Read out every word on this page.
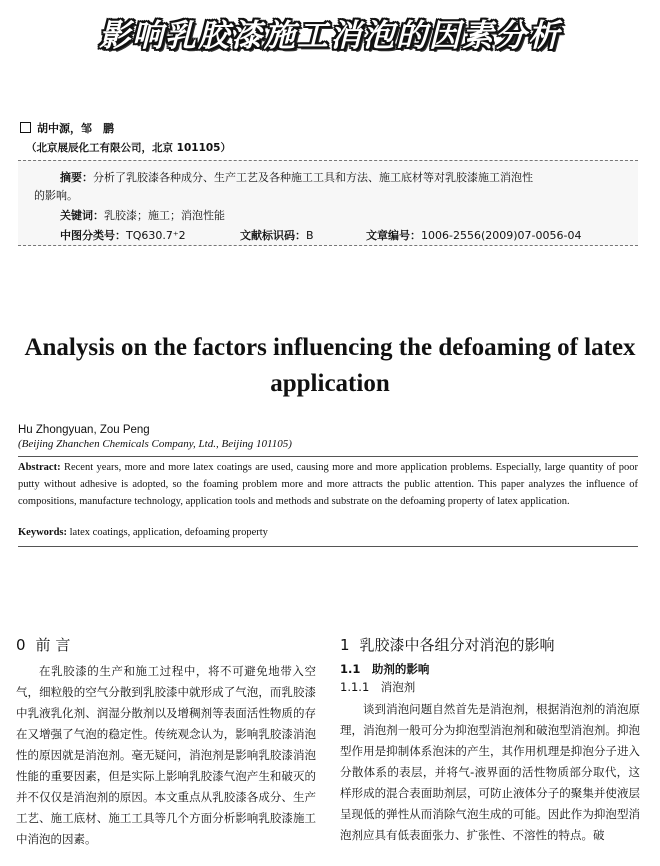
影响乳胶漆施工消泡的因素分析
胡中源，邹　鹏
（北京展辰化工有限公司，北京 101105）
摘要：分析了乳胶漆各种成分、生产工艺及各种施工工具和方法、施工底材等对乳胶漆施工消泡性
的影响。
关键词：乳胶漆；施工；消泡性能
中图分类号：TQ630.7⁺2	文献标识码：B	文章编号：1006-2556(2009)07-0056-04
Analysis on the factors influencing the defoaming of latex
application
Hu Zhongyuan, Zou Peng
(Beijing Zhanchen Chemicals Company, Ltd., Beijing 101105)
Abstract: Recent years, more and more latex coatings are used, causing more and more application problems. Especially, large quantity of poor putty without adhesive is adopted, so the foaming problem more and more attracts the public attention. This paper analyzes the influence of compositions, manufacture technology, application tools and methods and substrate on the defoaming property of latex application.
Keywords: latex coatings, application, defoaming property
0 前 言

在乳胶漆的生产和施工过程中，将不可避免地带入空气，细粒般的空气分散到乳胶漆中就形成了气泡，而乳胶漆中乳液乳化剂、润湿分散剂以及增稠剂等表面活性物质的存在又增强了气泡的稳定性。传统观念认为，影响乳胶漆消泡性的原因就是消泡剂。毫无疑问，消泡剂是影响乳胶漆消泡性能的重要因素，但是实际上影响乳胶漆气泡产生和破灭的并不仅仅是消泡剂的原因。本文重点从乳胶漆各成分、生产工艺、施工底材、施工工具等几个方面分析影响乳胶漆施工中消泡的因素。

1 乳胶漆中各组分对消泡的影响
1.1　助剂的影响
1.1.1　消泡剂

谈到消泡问题自然首先是消泡剂，根据消泡剂的消泡原理，消泡剂一般可分为抑泡型消泡剂和破泡型消泡剂。抑泡型作用是抑制体系泡沫的产生，其作用机理是抑泡分子进入分散体系的表层，并将气-液界面的活性物质部分取代，这样形成的混合表面助剂层，可防止液体分子的聚集并使液层呈现低的弹性从而消除气泡生成的可能。因此作为抑泡型消泡剂应具有低表面张力、扩张性、不溶性的特点。破
